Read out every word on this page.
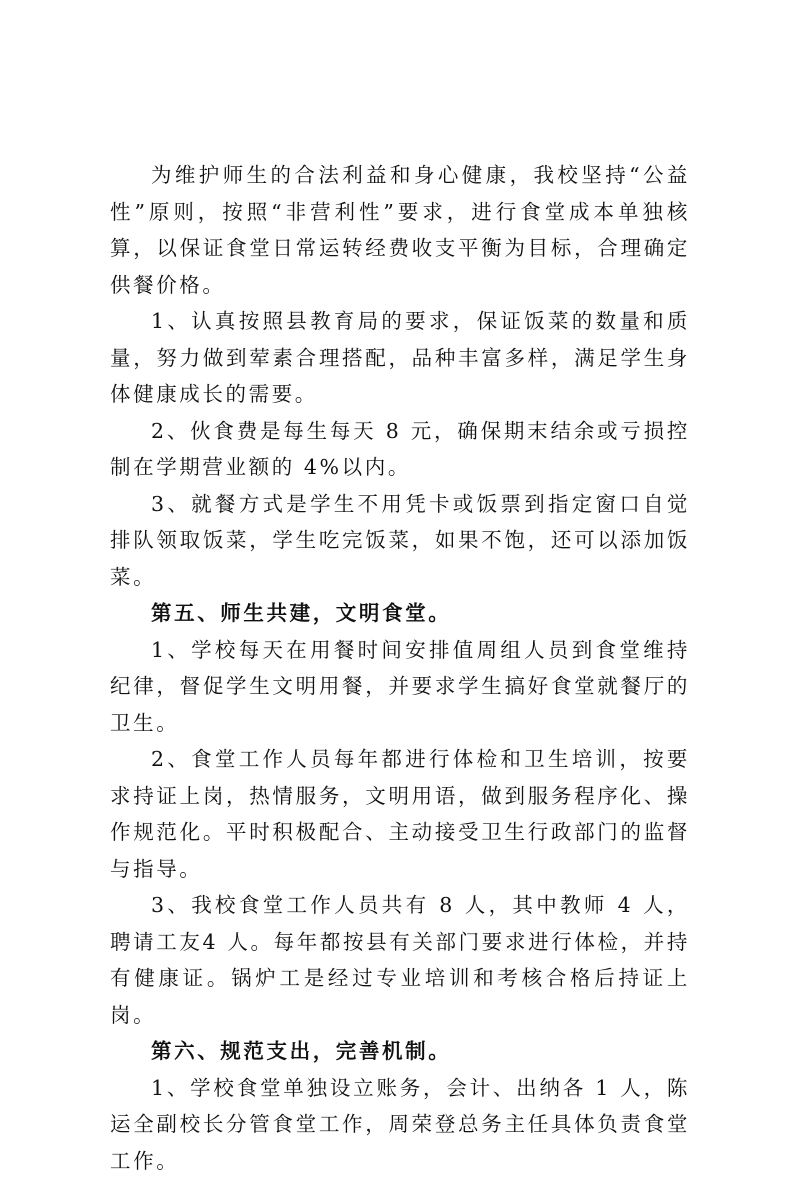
为维护师生的合法利益和身心健康，我校坚持“公益性”原则，按照“非营利性”要求，进行食堂成本单独核算，以保证食堂日常运转经费收支平衡为目标，合理确定供餐价格。

1、认真按照县教育局的要求，保证饭菜的数量和质量，努力做到荤素合理搭配，品种丰富多样，满足学生身体健康成长的需要。

2、伙食费是每生每天 8 元，确保期末结余或亏损控制在学期营业额的 4%以内。

3、就餐方式是学生不用凭卡或饭票到指定窗口自觉排队领取饭菜，学生吃完饭菜，如果不饱，还可以添加饭菜。

第五、师生共建，文明食堂。

1、学校每天在用餐时间安排值周组人员到食堂维持纪律，督促学生文明用餐，并要求学生搞好食堂就餐厅的卫生。

2、食堂工作人员每年都进行体检和卫生培训，按要求持证上岗，热情服务，文明用语，做到服务程序化、操作规范化。平时积极配合、主动接受卫生行政部门的监督与指导。

3、我校食堂工作人员共有 8 人，其中教师 4 人，聘请工友4 人。每年都按县有关部门要求进行体检，并持有健康证。锅炉工是经过专业培训和考核合格后持证上岗。

第六、规范支出，完善机制。

1、学校食堂单独设立账务，会计、出纳各 1 人，陈运全副校长分管食堂工作，周荣登总务主任具体负责食堂工作。
